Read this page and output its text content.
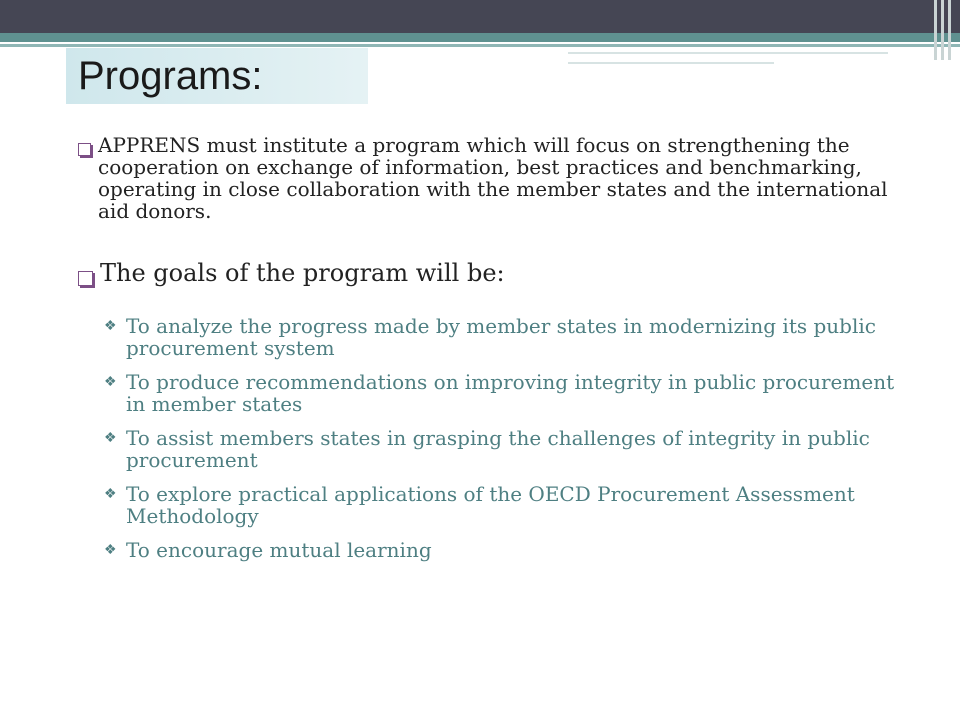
Programs:
APPRENS must institute a program which will focus on strengthening the cooperation on exchange of information, best practices and benchmarking, operating in close collaboration with the member states and the international aid donors.
The goals of the program will be:
❖ To analyze the progress made by member states in modernizing its public procurement system
❖ To produce recommendations on improving integrity in public procurement in member states
❖ To assist members states in grasping the challenges of integrity in public procurement
❖ To explore practical applications of the OECD Procurement Assessment Methodology
❖ To encourage mutual learning
